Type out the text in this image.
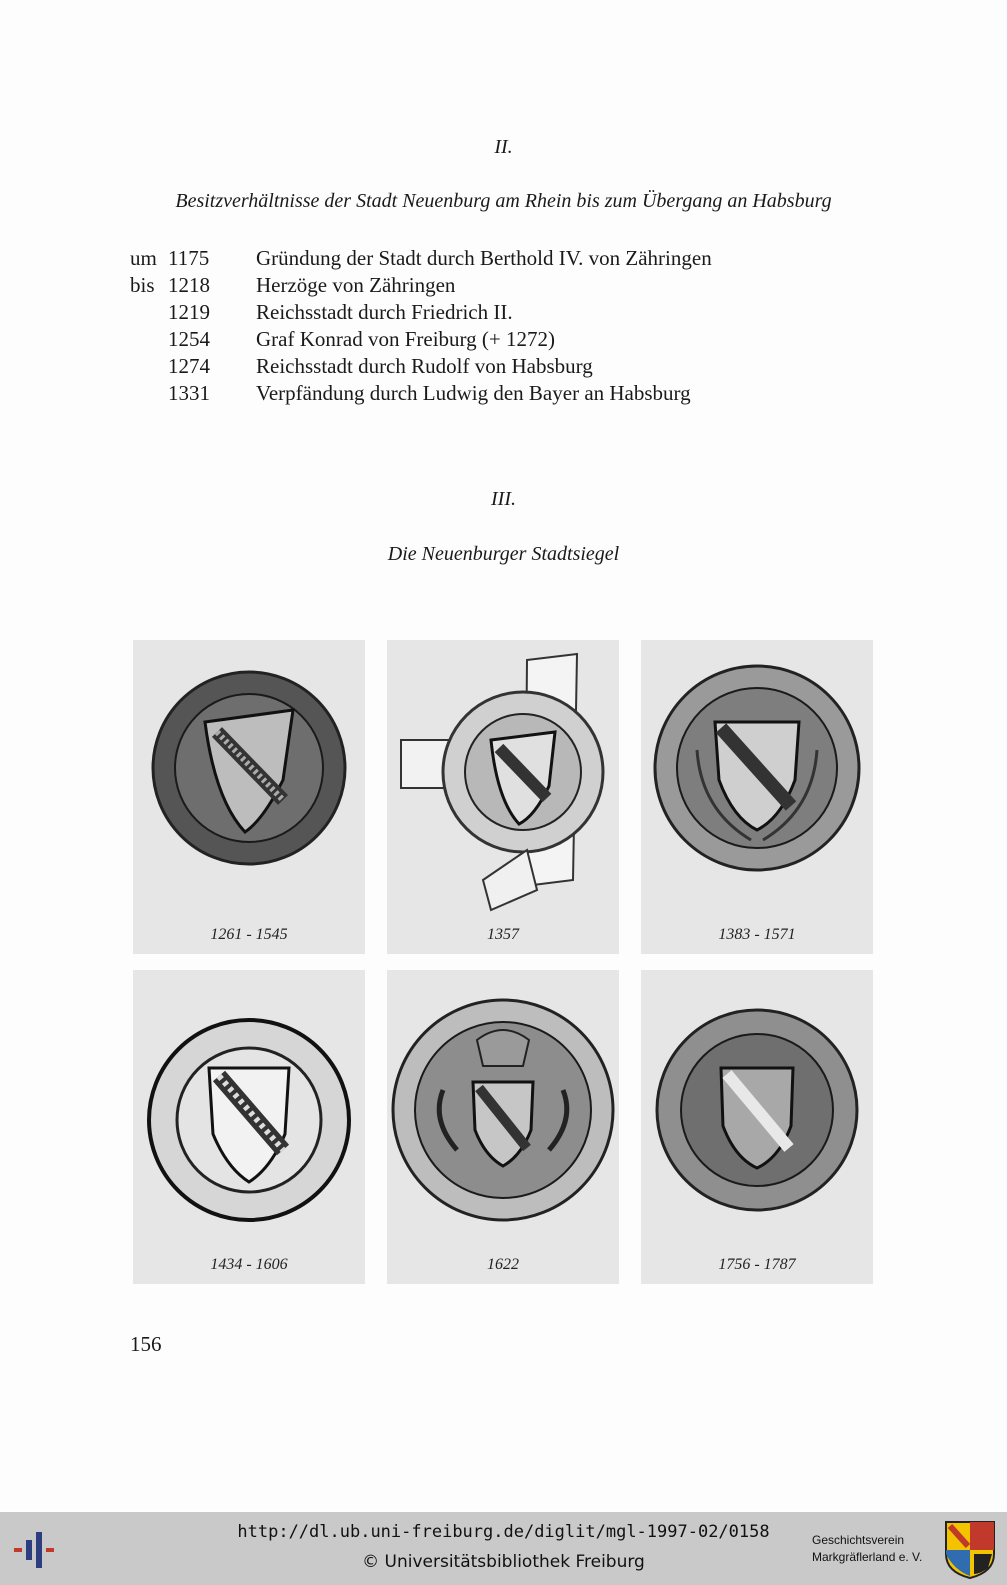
II.
Besitzverhältnisse der Stadt Neuenburg am Rhein bis zum Übergang an Habsburg
um 1175	Gründung der Stadt durch Berthold IV. von Zähringen
bis 1218	Herzöge von Zähringen
1219	Reichsstadt durch Friedrich II.
1254	Graf Konrad von Freiburg (+ 1272)
1274	Reichsstadt durch Rudolf von Habsburg
1331	Verpfändung durch Ludwig den Bayer an Habsburg
III.
Die Neuenburger Stadtsiegel
1261 - 1545	1357	1383 - 1571
1434 - 1606	1622	1756 - 1787
156
http://dl.ub.uni-freiburg.de/diglit/mgl-1997-02/0158
© Universitätsbibliothek Freiburg
Geschichtsverein
Markgräflerland e. V.
